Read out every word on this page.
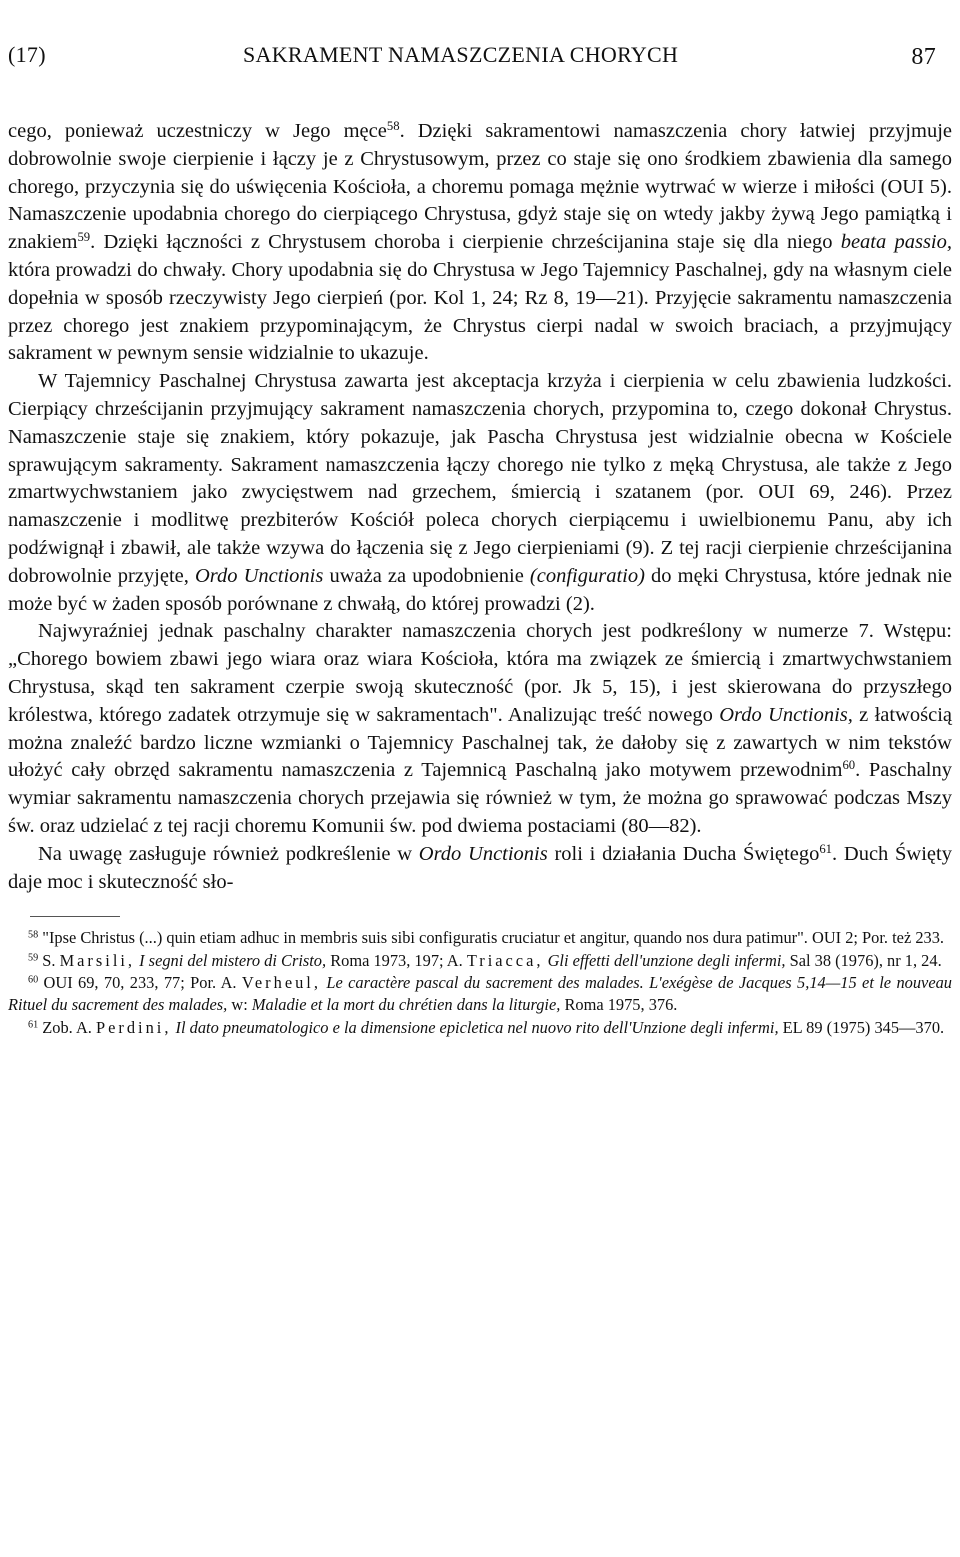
(17)	SAKRAMENT NAMASZCZENIA CHORYCH	87

cego, ponieważ uczestniczy w Jego męce$^{58}$. Dzięki sakramentowi namaszczenia chory łatwiej przyjmuje dobrowolnie swoje cierpienie i łączy je z Chrystusowym, przez co staje się ono środkiem zbawienia dla samego chorego, przyczynia się do uświęcenia Kościoła, a choremu pomaga mężnie wytrwać w wierze i miłości (OUI 5). Namaszczenie upodabnia chorego do cierpiącego Chrystusa, gdyż staje się on wtedy jakby żywą Jego pamiątką i znakiem$^{59}$. Dzięki łączności z Chrystusem choroba i cierpienie chrześcijanina staje się dla niego beata passio, która prowadzi do chwały. Chory upodabnia się do Chrystusa w Jego Tajemnicy Paschalnej, gdy na własnym ciele dopełnia w sposób rzeczywisty Jego cierpień (por. Kol 1, 24; Rz 8, 19—21). Przyjęcie sakramentu namaszczenia przez chorego jest znakiem przypominającym, że Chrystus cierpi nadal w swoich braciach, a przyjmujący sakrament w pewnym sensie widzialnie to ukazuje.

W Tajemnicy Paschalnej Chrystusa zawarta jest akceptacja krzyża i cierpienia w celu zbawienia ludzkości. Cierpiący chrześcijanin przyjmujący sakrament namaszczenia chorych, przypomina to, czego dokonał Chrystus. Namaszczenie staje się znakiem, który pokazuje, jak Pascha Chrystusa jest widzialnie obecna w Kościele sprawującym sakramenty. Sakrament namaszczenia łączy chorego nie tylko z męką Chrystusa, ale także z Jego zmartwychwstaniem jako zwycięstwem nad grzechem, śmiercią i szatanem (por. OUI 69, 246). Przez namaszczenie i modlitwę prezbiterów Kościół poleca chorych cierpiącemu i uwielbionemu Panu, aby ich podźwignął i zbawił, ale także wzywa do łączenia się z Jego cierpieniami (9). Z tej racji cierpienie chrześcijanina dobrowolnie przyjęte, Ordo Unctionis uważa za upodobnienie (configuratio) do męki Chrystusa, które jednak nie może być w żaden sposób porównane z chwałą, do której prowadzi (2).

Najwyraźniej jednak paschalny charakter namaszczenia chorych jest podkreślony w numerze 7. Wstępu: „Chorego bowiem zbawi jego wiara oraz wiara Kościoła, która ma związek ze śmiercią i zmartwychwstaniem Chrystusa, skąd ten sakrament czerpie swoją skuteczność (por. Jk 5, 15), i jest skierowana do przyszłego królestwa, którego zadatek otrzymuje się w sakramentach". Analizując treść nowego Ordo Unctionis, z łatwością można znaleźć bardzo liczne wzmianki o Tajemnicy Paschalnej tak, że dałoby się z zawartych w nim tekstów ułożyć cały obrzęd sakramentu namaszczenia z Tajemnicą Paschalną jako motywem przewodnim$^{60}$. Paschalny wymiar sakramentu namaszczenia chorych przejawia się również w tym, że można go sprawować podczas Mszy św. oraz udzielać z tej racji choremu Komunii św. pod dwiema postaciami (80—82).

Na uwagę zasługuje również podkreślenie w Ordo Unctionis roli i działania Ducha Świętego$^{61}$. Duch Święty daje moc i skuteczność sło-

$^{58}$ "Ipse Christus (...) quin etiam adhuc in membris suis sibi configuratis cruciatur et angitur, quando nos dura patimur". OUI 2; Por. też 233.

$^{59}$ S. Marsili, I segni del mistero di Cristo, Roma 1973, 197; A. Triacca, Gli effetti dell'unzione degli infermi, Sal 38 (1976), nr 1, 24.

$^{60}$ OUI 69, 70, 233, 77; Por. A. Verheul, Le caractère pascal du sacrement des malades. L'exégèse de Jacques 5,14—15 et le nouveau Rituel du sacrement des malades, w: Maladie et la mort du chrétien dans la liturgie, Roma 1975, 376.

$^{61}$ Zob. A. Perdini, Il dato pneumatologico e la dimensione epicletica nel nuovo rito dell'Unzione degli infermi, EL 89 (1975) 345—370.
